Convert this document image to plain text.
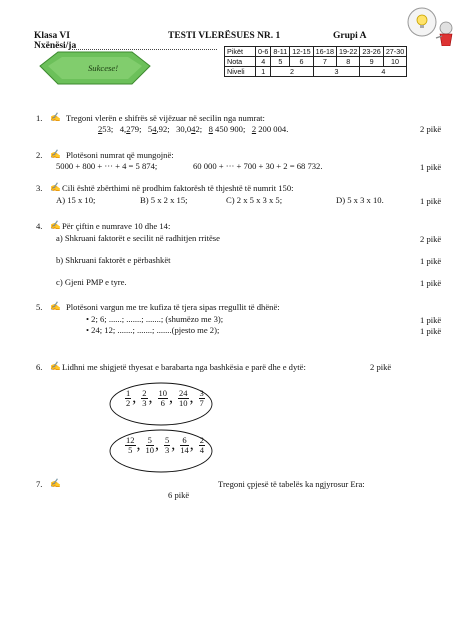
Klasa VI	TESTI VLERËSUES NR. 1	Grupi A
Nxënësi/ja
Sukcese!
Pikët	0-6	8-11	12-15	16-18	19-22	23-26	27-30
Nota	4	5	6	7	8	9	10
Niveli	1	2		3		4	
1. ✍ Tregoni vlerën e shifrës së vijëzuar në secilin nga numrat:
2 pikë
253; 4,279; 54,92; 30,042; 8 450 900; 2 200 004.
2. ✍ Plotësoni numrat që mungojnë:
5000 + 800 + ··· + 4 = 5 874;	60 000 + ··· + 700 + 30 + 2 = 68 732.	1 pikë
3. ✍ Cili është zbërthimi në prodhim faktorësh të thjeshtë të numrit 150:
A) 15 x 10;	B) 5 x 2 x 15;	C) 2 x 5 x 3 x 5;	D) 5 x 3 x 10.	1 pikë
4. ✍ Për çiftin e numrave 10 dhe 14:
a) Shkruani faktorët e secilit në radhitjen rritëse	2 pikë
b) Shkruani faktorët e përbashkët	1 pikë
c) Gjeni PMP e tyre.	1 pikë
5. ✍ Plotësoni vargun me tre kufiza të tjera sipas rregullit të dhënë:
• 2; 6; ......; .......; .......; (shumëzo me 3);	1 pikë
• 24; 12; .......; .......; .......(pjesto me 2);	1 pikë
6. ✍ Lidhni me shigjetë thyesat e barabarta nga bashkësia e parë dhe e dytë:	2 pikë
$\frac{1}{2}$ , $\frac{2}{3}$ , $\frac{10}{6}$ , $\frac{24}{10}$ , $\frac{3}{7}$
$\frac{12}{5}$ , $\frac{5}{10}$ , $\frac{5}{3}$ , $\frac{6}{14}$ , $\frac{2}{4}$
7. ✍	Tregoni çpjesë të tabelës ka ngjyrosur Era:
6 pikë
